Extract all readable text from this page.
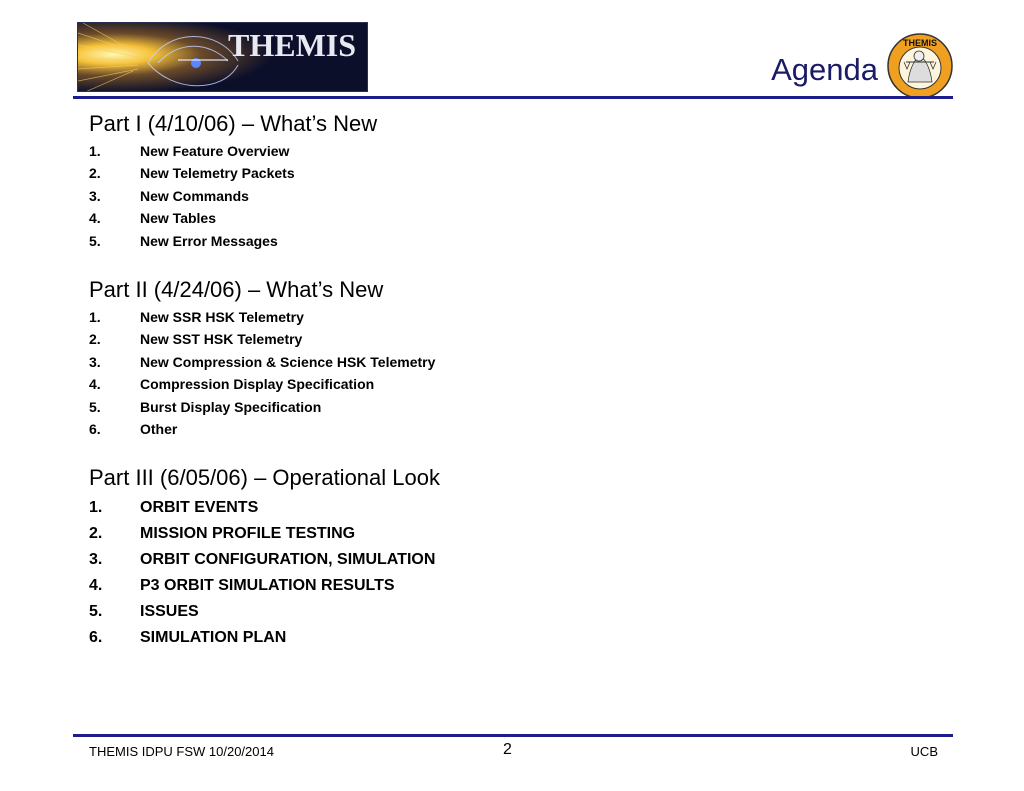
THEMIS
Agenda
THEMIS
Part I (4/10/06) – What’s New
1.	New Feature Overview
2.	New Telemetry Packets
3.	New Commands
4.	New Tables
5.	New Error Messages
Part II (4/24/06) – What’s New
1.	New SSR HSK Telemetry
2.	New SST HSK Telemetry
3.	New Compression & Science HSK Telemetry
4.	Compression Display Specification
5.	Burst Display Specification
6.	Other
Part III (6/05/06) – Operational Look
1.	ORBIT EVENTS
2.	MISSION PROFILE TESTING
3.	ORBIT CONFIGURATION, SIMULATION
4.	P3 ORBIT SIMULATION RESULTS
5.	ISSUES
6.	SIMULATION PLAN
THEMIS IDPU FSW 10/20/2014	2	UCB
